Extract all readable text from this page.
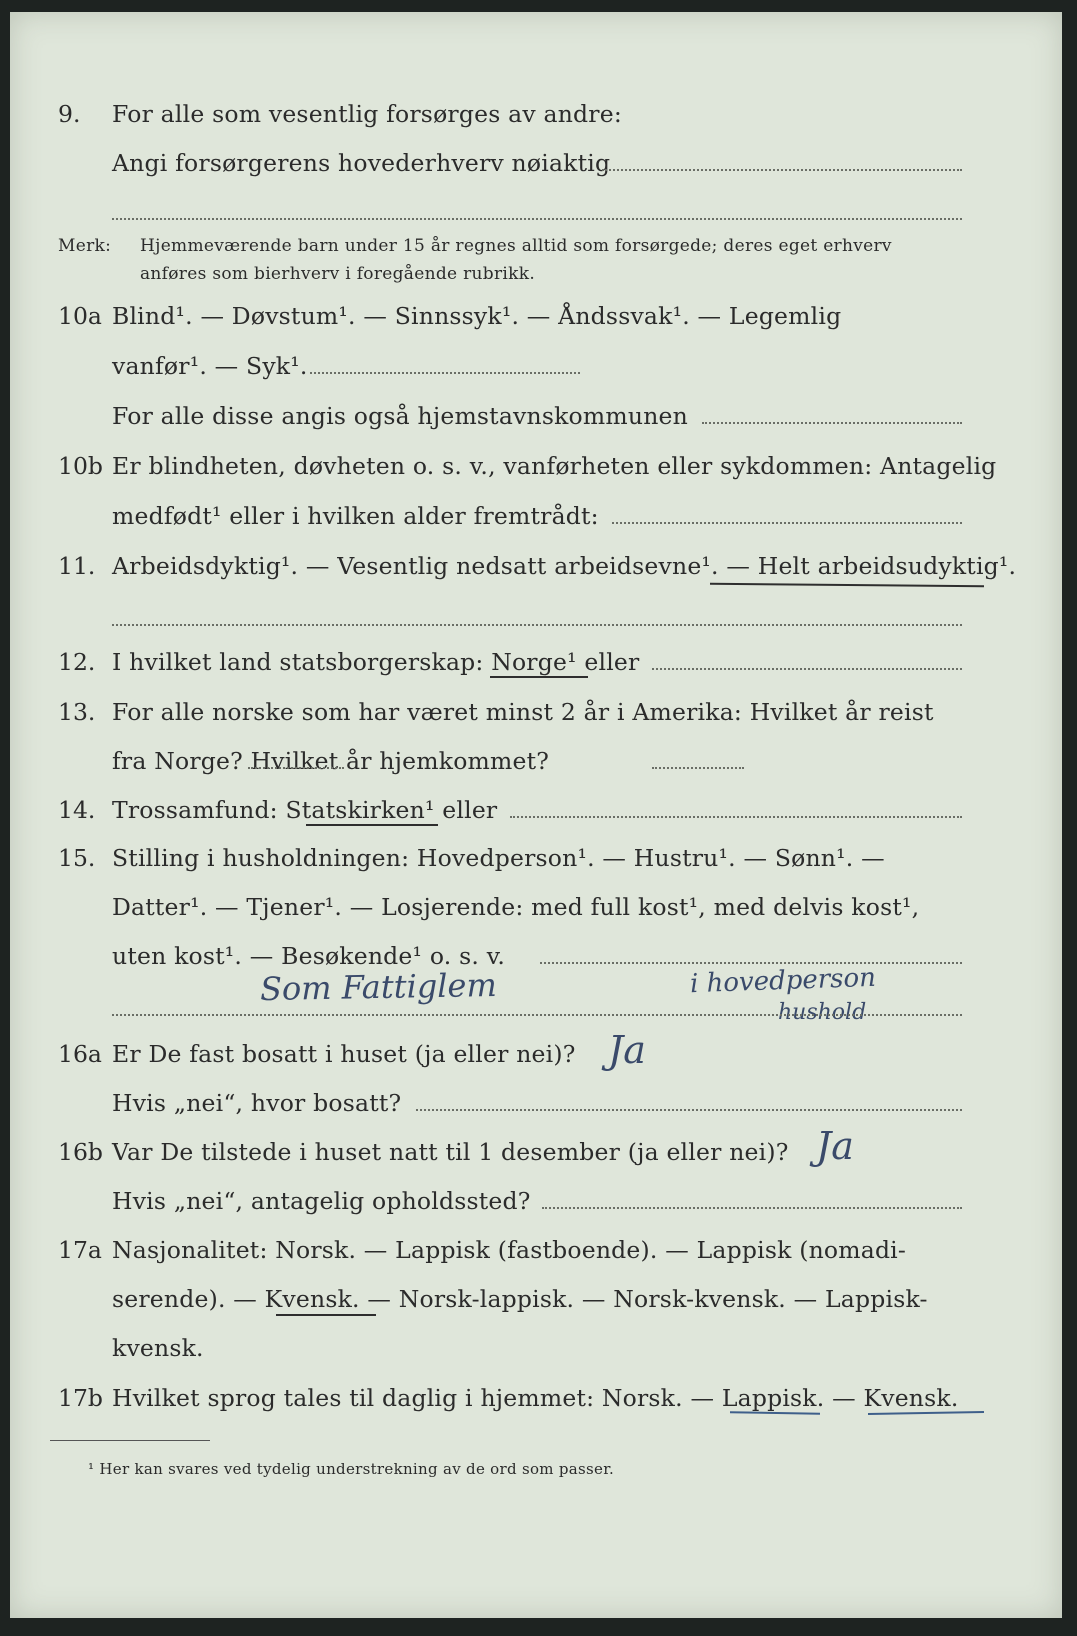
9. For alle som vesentlig forsørges av andre:
Angi forsørgerens hovederhverv nøiaktig
Merk: Hjemmeværende barn under 15 år regnes alltid som forsørgede; deres eget erhverv
anføres som bierhverv i foregående rubrikk.
10a Blind¹. — Døvstum¹. — Sinnssyk¹. — Åndssvak¹. — Legemlig
vanfør¹. — Syk¹.
For alle disse angis også hjemstavnskommunen
10b Er blindheten, døvheten o. s. v., vanførheten eller sykdommen: Antagelig
medfødt¹ eller i hvilken alder fremtrådt:
11. Arbeidsdyktig¹. — Vesentlig nedsatt arbeidsevne¹. — Helt arbeidsudyktig¹.
12. I hvilket land statsborgerskap: Norge¹ eller
13. For alle norske som har været minst 2 år i Amerika: Hvilket år reist
fra Norge? Hvilket år hjemkommet?
14. Trossamfund: Statskirken¹ eller
15. Stilling i husholdningen: Hovedperson¹. — Hustru¹. — Sønn¹. —
Datter¹. — Tjener¹. — Losjerende: med full kost¹, med delvis kost¹,
uten kost¹. — Besøkende¹ o. s. v.
Som Fattiglem	i hovedperson
hushold
16a Er De fast bosatt i huset (ja eller nei)? Ja
Hvis „nei“, hvor bosatt?
16b Var De tilstede i huset natt til 1 desember (ja eller nei)? Ja
Hvis „nei“, antagelig opholdssted?
17a Nasjonalitet: Norsk. — Lappisk (fastboende). — Lappisk (nomadi-
serende). — Kvensk. — Norsk-lappisk. — Norsk-kvensk. — Lappisk-
kvensk.
17b Hvilket sprog tales til daglig i hjemmet: Norsk. — Lappisk. — Kvensk.
¹ Her kan svares ved tydelig understrekning av de ord som passer.
